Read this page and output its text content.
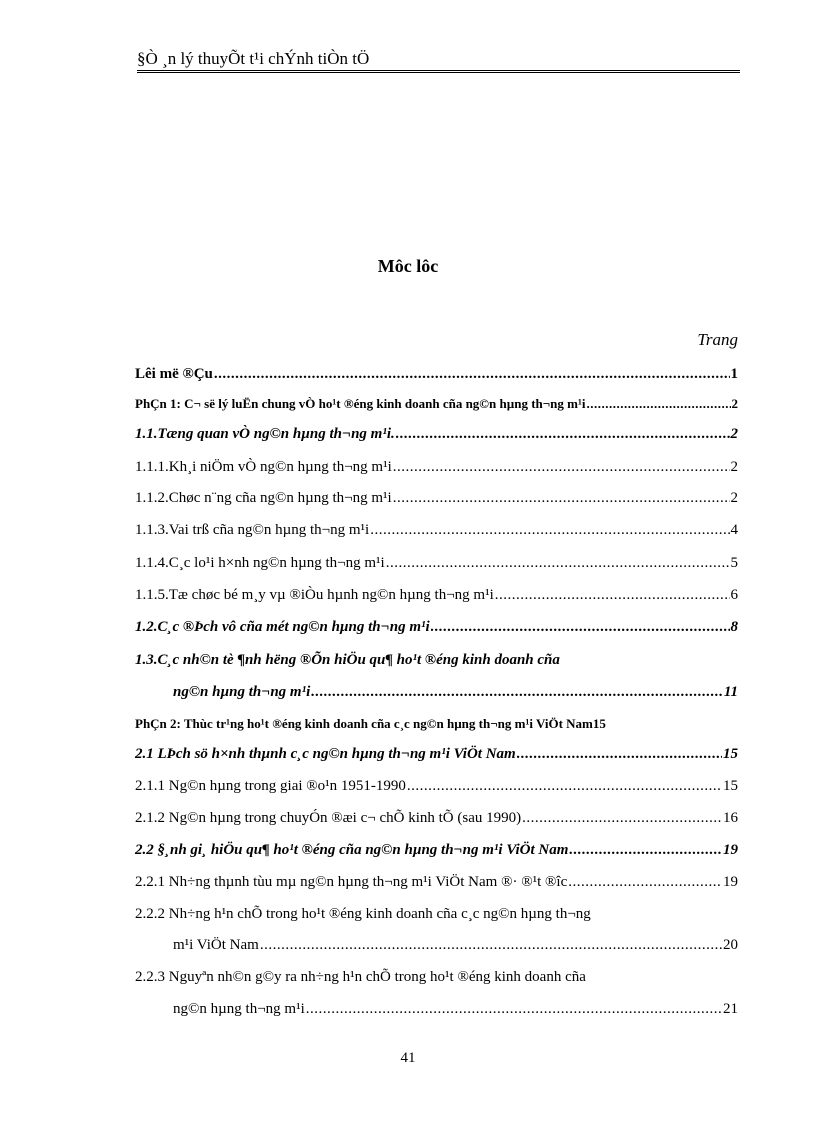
§Ò ¸n lý thuyÕt t¹i chÝnh tiÒn tÖ
Môc lôc
Trang
Lêi më ®Çu .....	1
PhÇn 1: C¬ së lý luËn chung vÒ ho¹t ®éng kinh doanh cña ng©n hµng th¬ng m¹i .....	2
1.1.Tæng quan vÒ ng©n hµng th¬ng m¹i. .....	2
1.1.1.Kh¸i niÖm vÒ ng©n hµng th¬ng m¹i .....	2
1.1.2.Chøc n¨ng cña ng©n hµng th¬ng m¹i .....	2
1.1.3.Vai trß cña ng©n hµng th¬ng m¹i .....	4
1.1.4.C¸c lo¹i h×nh ng©n hµng th¬ng m¹i .....	5
1.1.5.Tæ chøc bé m¸y vµ ®iÒu hµnh ng©n hµng th¬ng m¹i .....	6
1.2.C¸c ®Þch vô cña mét ng©n hµng th¬ng m¹i .....	8
1.3.C¸c nh©n tè ¶nh hëng ®Õn hiÖu qu¶ ho¹t ®éng kinh doanh cña
ng©n hµng th¬ng m¹i .....	11
PhÇn 2: Thùc tr¹ng ho¹t ®éng kinh doanh cña c¸c ng©n hµng th¬ng m¹i ViÖt Nam 15
2.1 LÞch sö h×nh thµnh c¸c ng©n hµng th¬ng m¹i ViÖt Nam .....	15
2.1.1 Ng©n hµng trong giai ®o¹n 1951-1990 .....	15
2.1.2 Ng©n hµng trong chuyÓn ®æi c¬ chÕ kinh tÕ (sau 1990) .....	16
2.2 §¸nh gi¸ hiÖu qu¶ ho¹t ®éng cña ng©n hµng th¬ng m¹i ViÖt Nam .....	19
2.2.1 Nh÷ng thµnh tùu mµ ng©n hµng th¬ng m¹i ViÖt Nam ®· ®¹t ®îc .....	19
2.2.2 Nh÷ng h¹n chÕ trong ho¹t ®éng kinh doanh cña c¸c ng©n hµng th¬ng
m¹i ViÖt Nam .....	20
2.2.3 Nguyªn nh©n g©y ra nh÷ng h¹n chÕ trong ho¹t ®éng kinh doanh cña
ng©n hµng th¬ng m¹i .....	21
41
